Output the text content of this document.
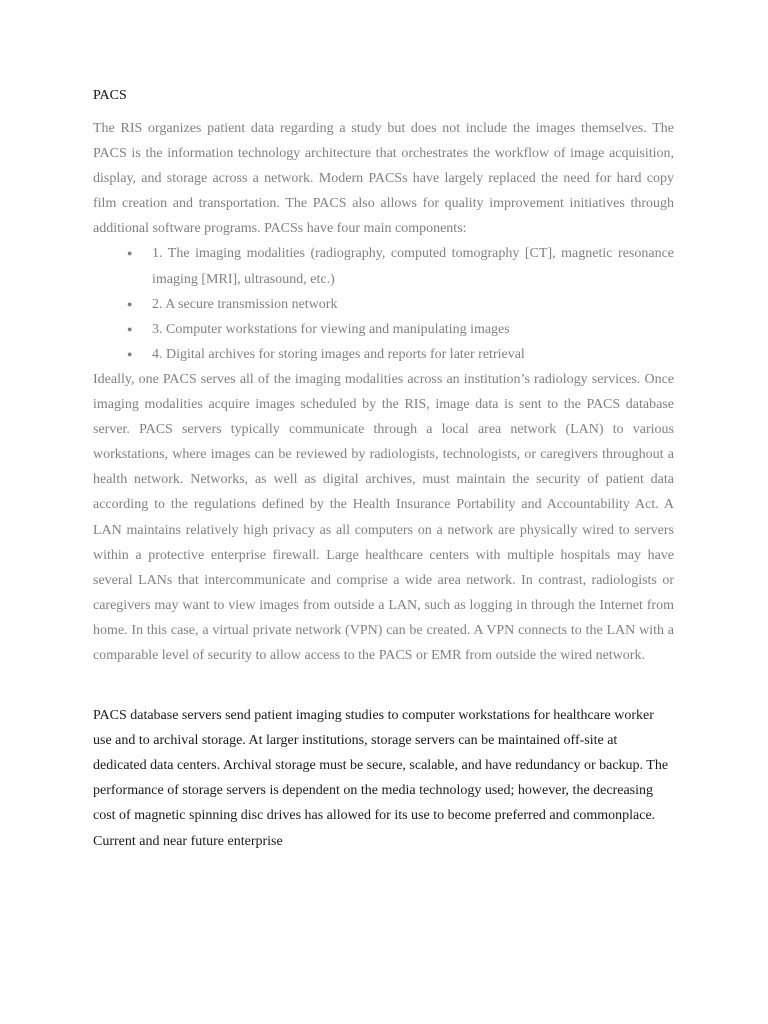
PACS

The RIS organizes patient data regarding a study but does not include the images themselves. The PACS is the information technology architecture that orchestrates the workflow of image acquisition, display, and storage across a network. Modern PACSs have largely replaced the need for hard copy film creation and transportation. The PACS also allows for quality improvement initiatives through additional software programs. PACSs have four main components:

●	1. The imaging modalities (radiography, computed tomography [CT], magnetic resonance imaging [MRI], ultrasound, etc.)
●	2. A secure transmission network
●	3. Computer workstations for viewing and manipulating images
●	4. Digital archives for storing images and reports for later retrieval

Ideally, one PACS serves all of the imaging modalities across an institution’s radiology services. Once imaging modalities acquire images scheduled by the RIS, image data is sent to the PACS database server. PACS servers typically communicate through a local area network (LAN) to various workstations, where images can be reviewed by radiologists, technologists, or caregivers throughout a health network. Networks, as well as digital archives, must maintain the security of patient data according to the regulations defined by the Health Insurance Portability and Accountability Act. A LAN maintains relatively high privacy as all computers on a network are physically wired to servers within a protective enterprise firewall. Large healthcare centers with multiple hospitals may have several LANs that intercommunicate and comprise a wide area network. In contrast, radiologists or caregivers may want to view images from outside a LAN, such as logging in through the Internet from home. In this case, a virtual private network (VPN) can be created. A VPN connects to the LAN with a comparable level of security to allow access to the PACS or EMR from outside the wired network.

PACS database servers send patient imaging studies to computer workstations for healthcare worker use and to archival storage. At larger institutions, storage servers can be maintained off-site at dedicated data centers. Archival storage must be secure, scalable, and have redundancy or backup. The performance of storage servers is dependent on the media technology used; however, the decreasing cost of magnetic spinning disc drives has allowed for its use to become preferred and commonplace. Current and near future enterprise
